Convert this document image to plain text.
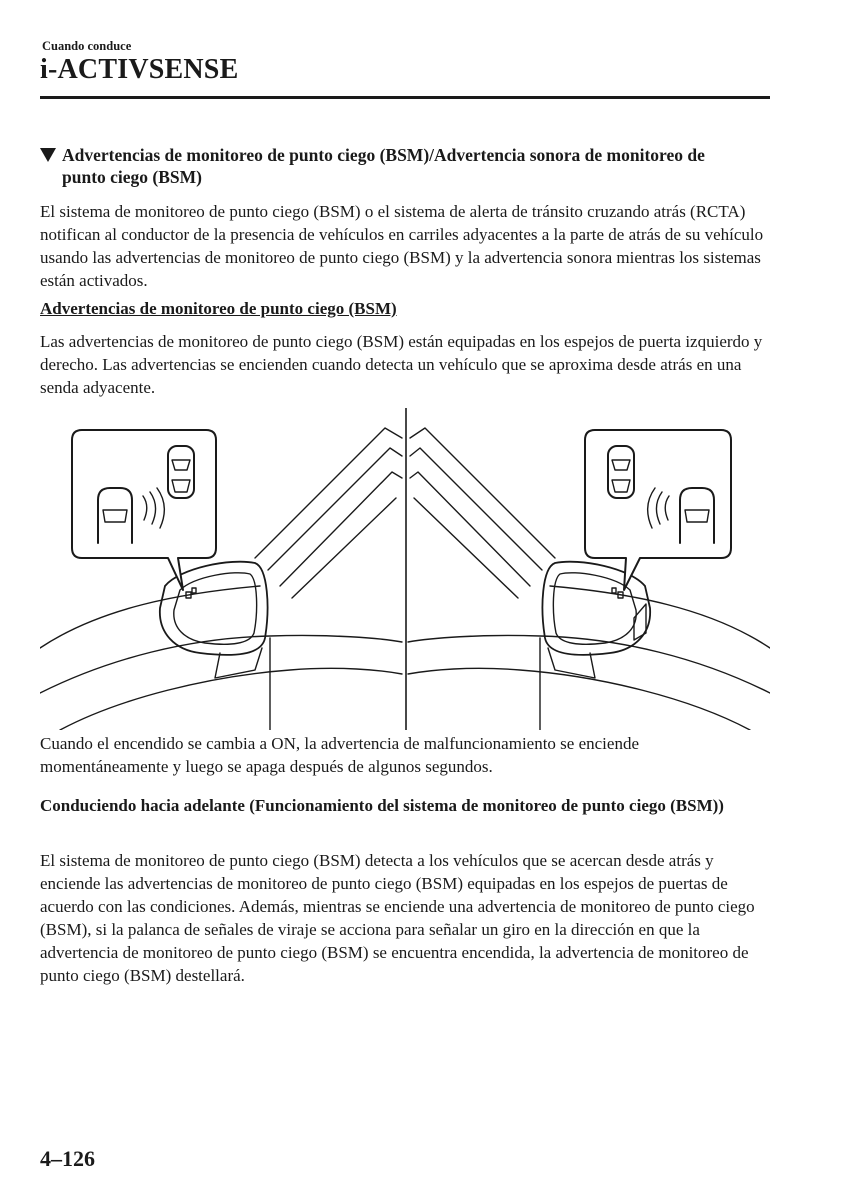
Cuando conduce
i-ACTIVSENSE
Advertencias de monitoreo de punto ciego (BSM)/Advertencia sonora de monitoreo de punto ciego (BSM)
El sistema de monitoreo de punto ciego (BSM) o el sistema de alerta de tránsito cruzando atrás (RCTA) notifican al conductor de la presencia de vehículos en carriles adyacentes a la parte de atrás de su vehículo usando las advertencias de monitoreo de punto ciego (BSM) y la advertencia sonora mientras los sistemas están activados.
Advertencias de monitoreo de punto ciego (BSM)
Las advertencias de monitoreo de punto ciego (BSM) están equipadas en los espejos de puerta izquierdo y derecho. Las advertencias se encienden cuando detecta un vehículo que se aproxima desde atrás en una senda adyacente.
Cuando el encendido se cambia a ON, la advertencia de malfuncionamiento se enciende momentáneamente y luego se apaga después de algunos segundos.
Conduciendo hacia adelante (Funcionamiento del sistema de monitoreo de punto ciego (BSM))
El sistema de monitoreo de punto ciego (BSM) detecta a los vehículos que se acercan desde atrás y enciende las advertencias de monitoreo de punto ciego (BSM) equipadas en los espejos de puertas de acuerdo con las condiciones. Además, mientras se enciende una advertencia de monitoreo de punto ciego (BSM), si la palanca de señales de viraje se acciona para señalar un giro en la dirección en que la advertencia de monitoreo de punto ciego (BSM) se encuentra encendida, la advertencia de monitoreo de punto ciego (BSM) destellará.
4–126
